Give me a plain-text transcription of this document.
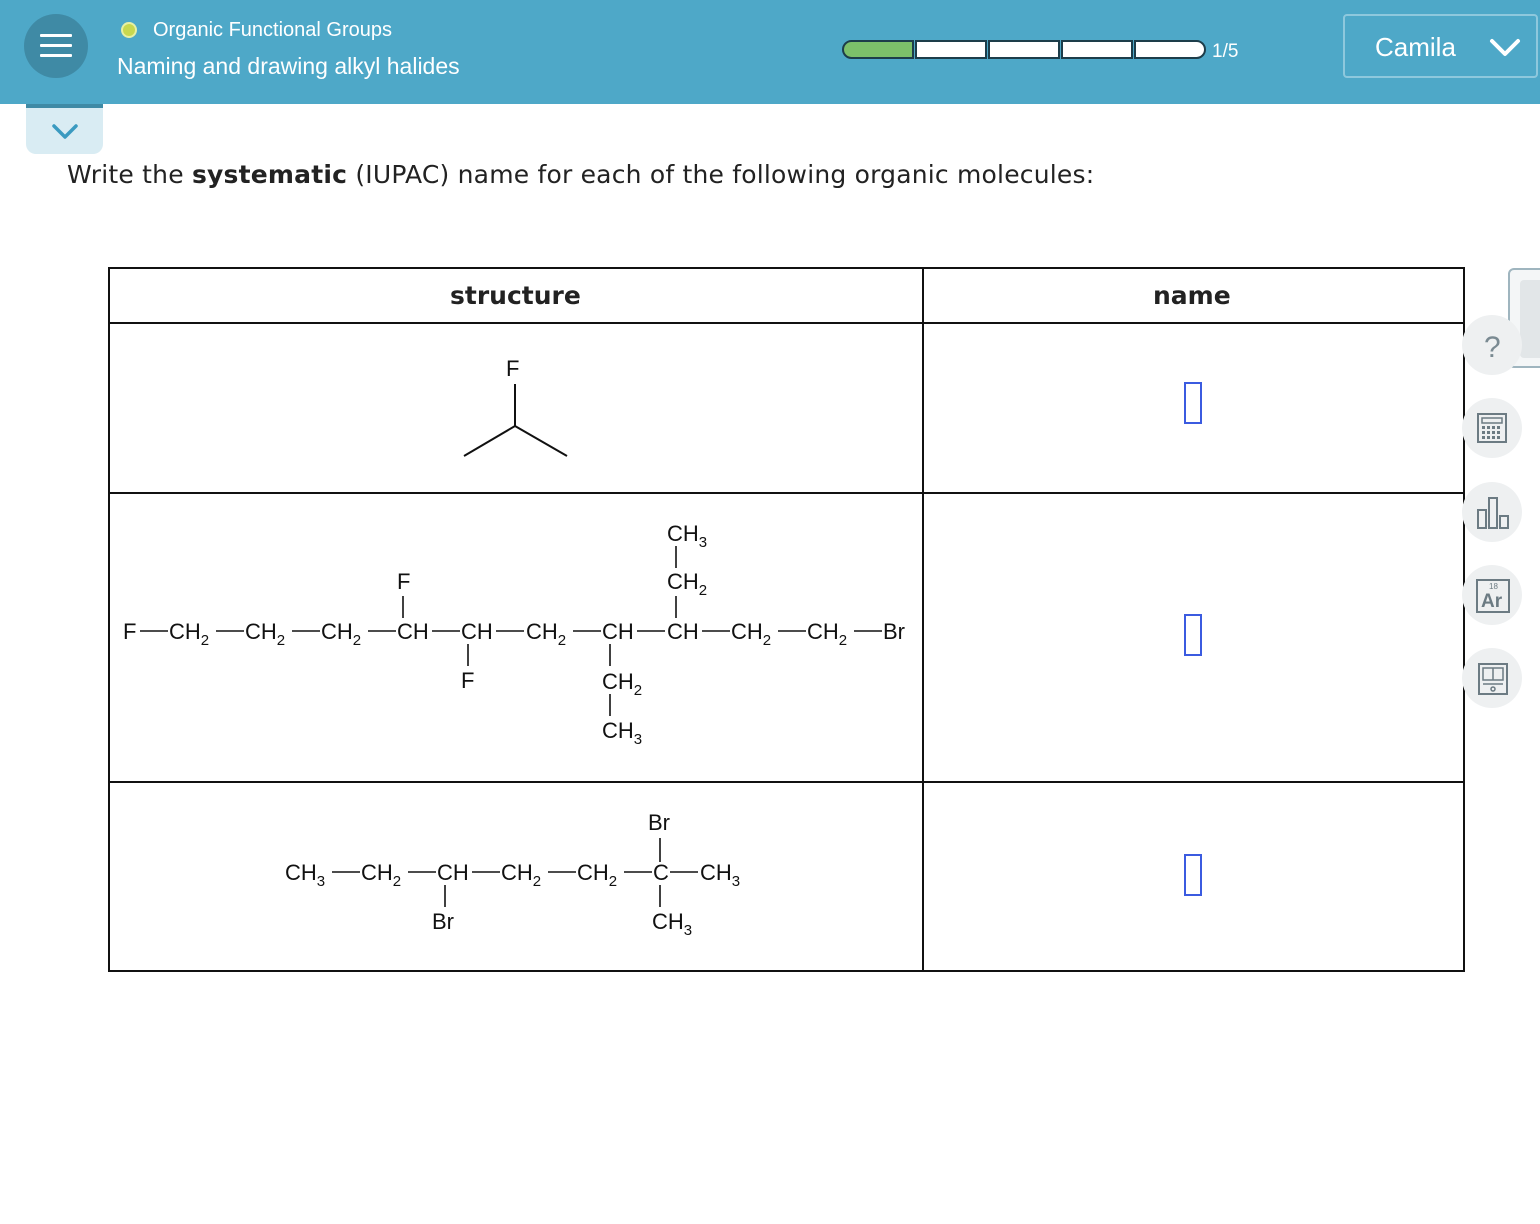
Organic Functional Groups
Naming and drawing alkyl halides
1/5	Camila
Write the systematic (IUPAC) name for each of the following organic molecules:
structure	name
F
$CH_3$
$CH_2$
F
F $CH_2$ $CH_2$ $CH_2$ CH CH $CH_2$ CH CH $CH_2$ $CH_2$ Br
F	$CH_2$
$CH_3$
Br
$CH_3$ $CH_2$ CH $CH_2$ $CH_2$ C $CH_3$
Br	$CH_3$
?
18
Ar
